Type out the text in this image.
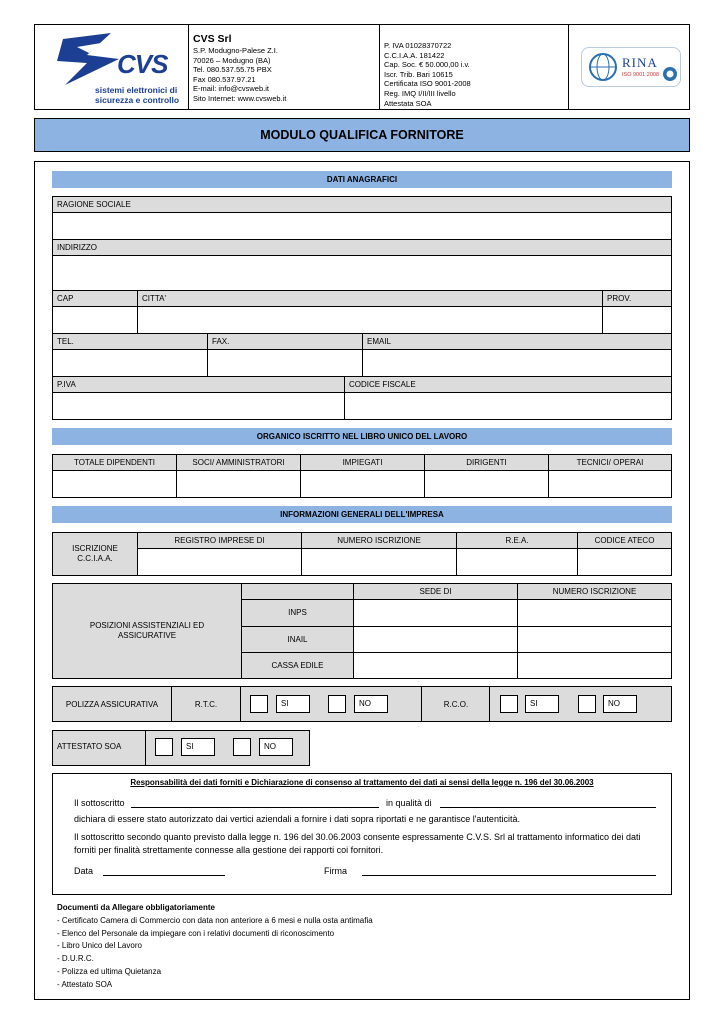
CVS
sistemi elettronici di
sicurezza e controllo
CVS Srl
S.P. Modugno-Palese Z.I.
70026 – Modugno (BA)
Tel. 080.537.55.75 PBX
Fax 080.537.97.21
E-mail: info@cvsweb.it
Sito Internet: www.cvsweb.it
P. IVA 01028370722
C.C.I.A.A. 181422
Cap. Soc. € 50.000,00 i.v.
Iscr. Trib. Bari 10615
Certificata ISO 9001-2008
Reg. IMQ I/II/III livello
Attestata SOA
RINA
ISO 9001:2008
MODULO QUALIFICA FORNITORE
DATI ANAGRAFICI
RAGIONE SOCIALE
INDIRIZZO
CAP	CITTA'	PROV.
TEL.	FAX.	EMAIL
P.IVA	CODICE FISCALE
ORGANICO ISCRITTO NEL LIBRO UNICO DEL LAVORO
TOTALE DIPENDENTI	SOCI/ AMMINISTRATORI	IMPIEGATI	DIRIGENTI	TECNICI/ OPERAI
INFORMAZIONI GENERALI DELL'IMPRESA
ISCRIZIONE C.C.I.A.A.
REGISTRO IMPRESE DI	NUMERO ISCRIZIONE	R.E.A.	CODICE ATECO
POSIZIONI ASSISTENZIALI ED ASSICURATIVE
SEDE DI	NUMERO ISCRIZIONE
INPS
INAIL
CASSA EDILE
POLIZZA ASSICURATIVA	R.T.C.	SI	NO	R.C.O.	SI	NO
ATTESTATO SOA	SI	NO
Responsabilità dei dati forniti e Dichiarazione di consenso al trattamento dei dati ai sensi della legge n. 196 del 30.06.2003
Il sottoscritto	in qualità di
dichiara di essere stato autorizzato dai vertici aziendali a fornire i dati sopra riportati e ne garantisce l'autenticità.
Il sottoscritto secondo quanto previsto dalla legge n. 196 del 30.06.2003 consente espressamente C.V.S. Srl al trattamento informatico dei dati
forniti per finalità strettamente connesse alla gestione dei rapporti coi fornitori.
Data	Firma
Documenti da Allegare obbligatoriamente
- Certificato Camera di Commercio con data non anteriore a 6 mesi e nulla osta antimafia
- Elenco del Personale da impiegare con i relativi documenti di riconoscimento
- Libro Unico del Lavoro
- D.U.R.C.
- Polizza ed ultima Quietanza
- Attestato SOA
